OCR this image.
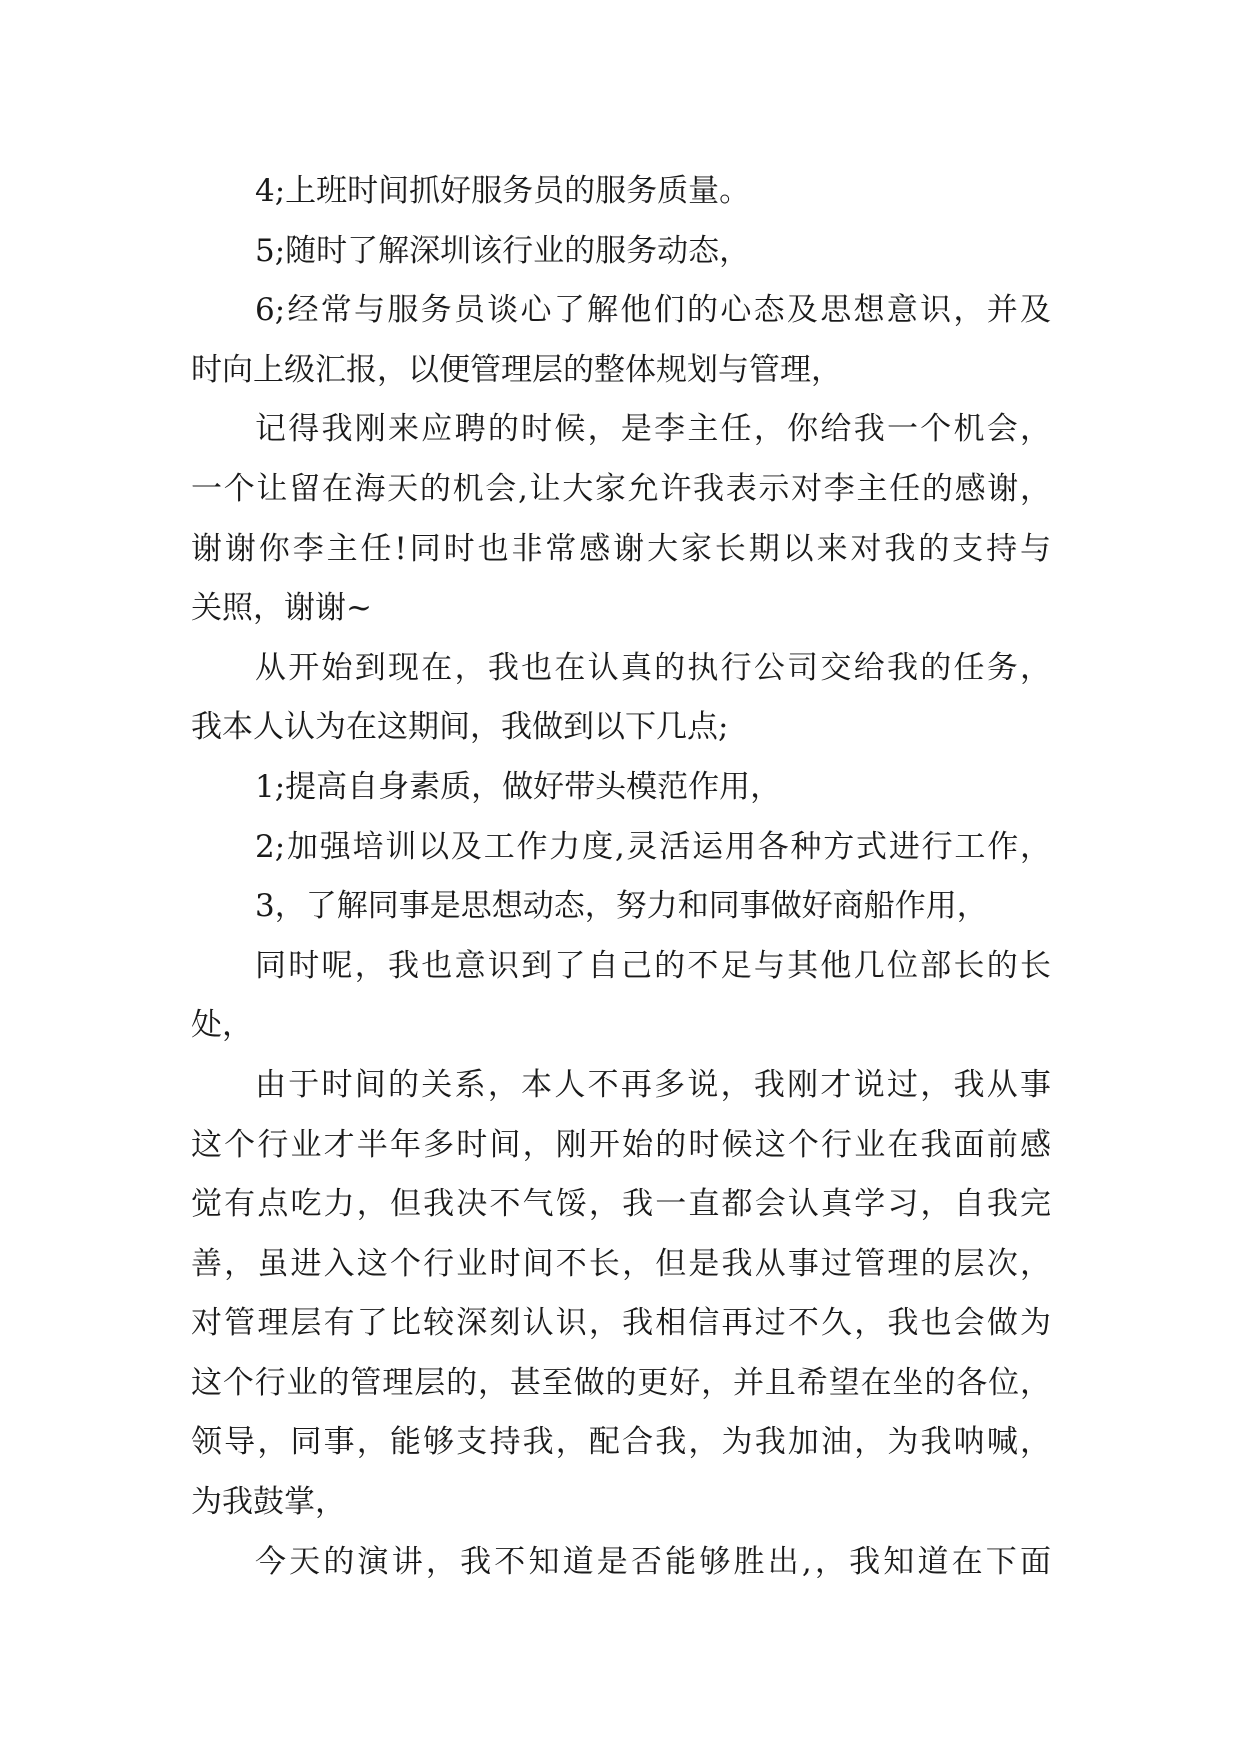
4;上班时间抓好服务员的服务质量。
5;随时了解深圳该行业的服务动态，
6;经常与服务员谈心了解他们的心态及思想意识，并及
时向上级汇报，以便管理层的整体规划与管理，
记得我刚来应聘的时候，是李主任，你给我一个机会，
一个让留在海天的机会,让大家允许我表示对李主任的感谢，
谢谢你李主任!同时也非常感谢大家长期以来对我的支持与
关照，谢谢~
从开始到现在，我也在认真的执行公司交给我的任务，
我本人认为在这期间，我做到以下几点;
1;提高自身素质，做好带头模范作用，
2;加强培训以及工作力度,灵活运用各种方式进行工作，
3，了解同事是思想动态，努力和同事做好商船作用，
同时呢，我也意识到了自己的不足与其他几位部长的长
处，
由于时间的关系，本人不再多说，我刚才说过，我从事
这个行业才半年多时间，刚开始的时候这个行业在我面前感
觉有点吃力，但我决不气馁，我一直都会认真学习，自我完
善，虽进入这个行业时间不长，但是我从事过管理的层次，
对管理层有了比较深刻认识，我相信再过不久，我也会做为
这个行业的管理层的，甚至做的更好，并且希望在坐的各位，
领导，同事，能够支持我，配合我，为我加油，为我呐喊，
为我鼓掌，
今天的演讲，我不知道是否能够胜出,，我知道在下面
